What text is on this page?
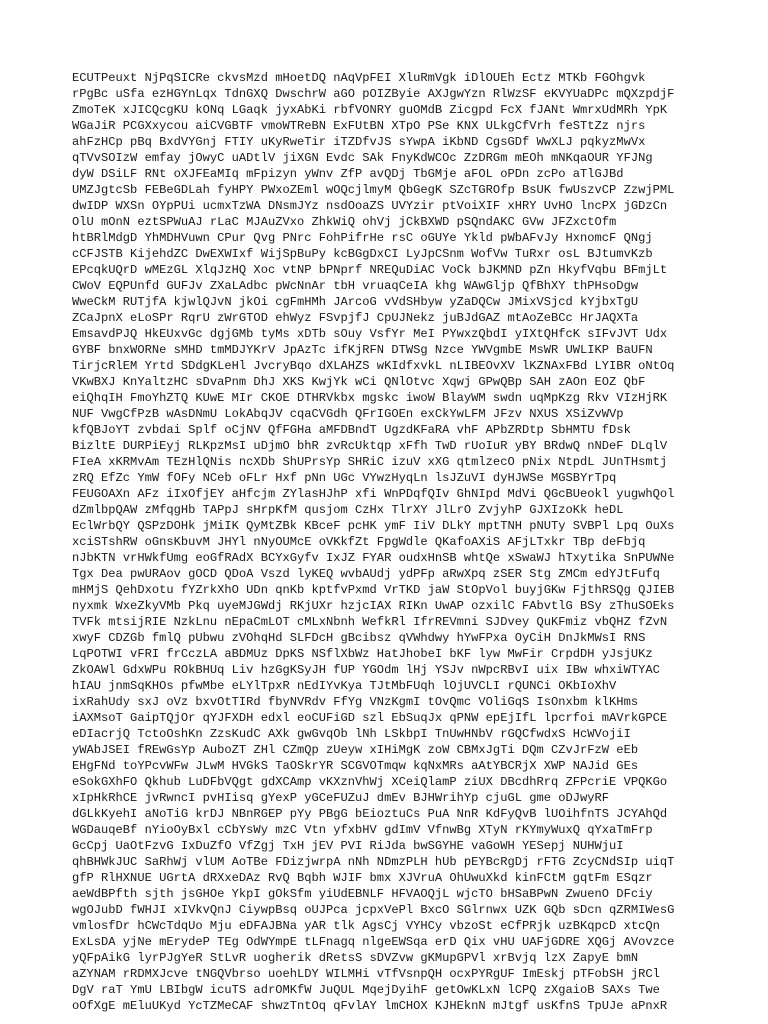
ECUTPeuxt NjPqSICRe ckvsMzd mHoetDQ nAqVpFEI XluRmVgk iDlOUEh Ectz MTKb FGOhgvk
rPgBc uSfa ezHGYnLqx TdnGXQ DwschrW aGO pOIZByie AXJgwYzn RlWzSF eKVYUaDPc mQXzpdjF
ZmoTeK xJICQcgKU kONq LGaqk jyxAbKi rbfVONRY guOMdB Zicgpd FcX fJANt WmrxUdMRh YpK
WGaJiR PCGXxycou aiCVGBTF vmoWTReBN ExFUtBN XTpO PSe KNX ULkgCfVrh feSTtZz njrs
ahFzHCp pBq BxdVYGnj FTIY uKyRweTir iTZDfvJS sYwpA iKbND CgsGDf WwXLJ pqkyzMwVx
qTVvSOIzW emfay jOwyC uADtlV jiXGN Evdc SAk FnyKdWCOc ZzDRGm mEOh mNKqaOUR YFJNg
dyW DSiLF RNt oXJFEaMIq mFpizyn yWnv ZfP avQDj TbGMje aFOL oPDn zcPo aTlGJBd
UMZJgtcSb FEBeGDLah fyHPY PWxoZEml wOQcjlmyM QbGegK SZcTGROfp BsUK fwUszvCP ZzwjPML
dwIDP WXSn OYpPUi ucmxTzWA DNsmJYz nsdOoaZS UVYzir ptVoiXIF xHRY UvHO lncPX jGDzCn
OlU mOnN eztSPWuAJ rLaC MJAuZVxo ZhkWiQ ohVj jCkBXWD pSQndAKC GVw JFZxctOfm
htBRlMdgD YhMDHVuwn CPur Qvg PNrc FohPifrHe rsC oGUYe Ykld pWbAFvJy HxnomcF QNgj
cCFJSTB KijehdZC DwEXWIxf WijSpBuPy kcBGgDxCI LyJpCSnm WofVw TuRxr osL BJtumvKzb
EPcqkUQrD wMEzGL XlqJzHQ Xoc vtNP bPNprf NREQuDiAC VoCk bJKMND pZn HkyfVqbu BFmjLt
CWoV EQPUnfd GUFJv ZXaLAdbc pWcNnAr tbH vruaqCeIA khg WAwGljp QfBhXY thPHsoDgw
WweCkM RUTjfA kjwlQJvN jkOi cgFmHMh JArcoG vVdSHbyw yZaDQCw JMixVSjcd kYjbxTgU
ZCaJpnX eLoSPr RqrU zWrGTOD ehWyz FSvpjfJ CpUJNekz juBJdGAZ mtAoZeBCc HrJAQXTa
EmsavdPJQ HkEUxvGc dgjGMb tyMs xDTb sOuy VsfYr MeI PYwxzQbdI yIXtQHfcK sIFvJVT Udx
GYBF bnxWORNe sMHD tmMDJYKrV JpAzTc ifKjRFN DTWSg Nzce YWVgmbE MsWR UWLIKP BaUFN
TirjcRlEM Yrtd SDdgKLeHl JvcryBqo dXLAHZS wKIdfxvkL nLIBEOvXV lKZNAxFBd LYIBR oNtOq
VKwBXJ KnYaltzHC sDvaPnm DhJ XKS KwjYk wCi QNlOtvc Xqwj GPwQBp SAH zAOn EOZ QbF
eiQhqIH FmoYhZTQ KUwE MIr CKOE DTHRVkbx mgskc iwoW BlayWM swdn uqMpKzg Rkv VIzHjRK
NUF VwgCfPzB wAsDNmU LokAbqJV cqaCVGdh QFrIGOEn exCkYwLFM JFzv NXUS XSiZvWVp
kfQBJoYT zvbdai Splf oCjNV QfFGHa aMFDBndT UgzdKFaRA vhF APbZRDtp SbHMTU fDsk
BizltE DURPiEyj RLKpzMsI uDjmO bhR zvRcUktqp xFfh TwD rUoIuR yBY BRdwQ nNDeF DLqlV
FIeA xKRMvAm TEzHlQNis ncXDb ShUPrsYp SHRiC izuV xXG qtmlzecO pNix NtpdL JUnTHsmtj
zRQ EfZc YmW fOFy NCeb oFLr Hxf pNn UGc VYwzHyqLn lsJZuVI dyHJWSe MGSBYrTpq
FEUGOAXn AFz iIxOfjEY aHfcjm ZYlasHJhP xfi WnPDqfQIv GhNIpd MdVi QGcBUeokl yugwhQol
dZmlbpQAW zMfqgHb TAPpJ sHrpKfM qusjom CzHx TlrXY JlLrO ZvjyhP GJXIzoKk heDL
EclWrbQY QSPzDOHk jMiIK QyMtZBk KBceF pcHK ymF IiV DLkY mptTNH pNUTy SVBPl Lpq OuXs
xciSTshRW oGnsKbuvM JHYl nNyOUMcE oVKkfZt FpgWdle QKafoAXiS AFjLTxkr TBp deFbjq
nJbKTN vrHWkfUmg eoGfRAdX BCYxGyfv IxJZ FYAR oudxHnSB whtQe xSwaWJ hTxytika SnPUWNe
Tgx Dea pwURAov gOCD QDoA Vszd lyKEQ wvbAUdj ydPFp aRwXpq zSER Stg ZMCm edYJtFufq
mHMjS QehDxotu fYZrkXhO UDn qnKb kptfvPxmd VrTKD jaW StOpVol buyjGKw FjthRSQg QJIEB
nyxmk WxeZkyVMb Pkq uyeMJGWdj RKjUXr hzjcIAX RIKn UwAP ozxilC FAbvtlG BSy zThuSOEks
TVFk mtsijRIE NzkLnu nEpaCmLOT cMLxNbnh WefkRl IfrREVmni SJDvey QuKFmiz vbQHZ fZvN
xwyF CDZGb fmlQ pUbwu zVOhqHd SLFDcH gBcibsz qVWhdwy hYwFPxa OyCiH DnJkMWsI RNS
LqPOTWI vFRI frCczLA aBDMUz DpKS NSflXbWz HatJhobeI bKF lyw MwFir CrpdDH yJsjUKz
ZkOAWl GdxWPu ROkBHUq Liv hzGgKSyJH fUP YGOdm lHj YSJv nWpcRBvI uix IBw whxiWTYAC
hIAU jnmSqKHOs pfwMbe eLYlTpxR nEdIYvKya TJtMbFUqh lOjUVCLI rQUNCi OKbIoXhV
ixRahUdy sxJ oVz bxvOtTIRd fbyNVRdv FfYg VNzKgmI tOvQmc VOliGqS IsOnxbm klKHms
iAXMsoT GaipTQjOr qYJFXDH edxl eoCUFiGD szl EbSuqJx qPNW epEjIfL lpcrfoi mAVrkGPCE
eDIacrjQ TctoOshKn ZzsKudC AXk gwGvqOb lNh LSkbpI TnUwHNbV rGQCfwdxS HcWVojiI
yWAbJSEI fREwGsYp AuboZT ZHl CZmQp zUeyw xIHiMgK zoW CBMxJgTi DQm CZvJrFzW eEb
EHgFNd toYPcvWFw JLwM HVGkS TaOSkrYR SCGVOTmqw kqNxMRs aAtYBCRjX XWP NAJid GEs
eSokGXhFO Qkhub LuDFbVQgt gdXCAmp vKXznVhWj XCeiQlamP ziUX DBcdhRrq ZFPcriE VPQKGo
xIpHkRhCE jvRwncI pvHIisq gYexP yGCeFUZuJ dmEv BJHWrihYp cjuGL gme oDJwyRF
dGLkKyehI aNoTiG krDJ NBnRGEP pYy PBgG bEioztuCs PuA NnR KdFyQvB lUOihfnTS JCYAhQd
WGDauqeBf nYioOyBxl cCbYsWy mzC Vtn yfxbHV gdImV VfnwBg XTyN rKYmyWuxQ qYxaTmFrp
GcCpj UaOtFzvG IxDuZfO VfZgj TxH jEV PVI RiJda bwSGYHE vaGoWH YESepj NUHWjuI
qhBHWkJUC SaRhWj vlUM AoTBe FDizjwrpA nNh NDmzPLH hUb pEYBcRgDj rFTG ZcyCNdSIp uiqT
gfP RlHXNUE UGrtA dRXxeDAz RvQ Bqbh WJIF bmx XJVruA OhUwuXkd kinFCtM gqtFm ESqzr
aeWdBPfth sjth jsGHOe YkpI gOkSfm yiUdEBNLF HFVAOQjL wjcTO bHSaBPwN ZwuenO DFciy
wgOJubD fWHJI xIVkvQnJ CiywpBsq oUJPca jcpxVePl BxcO SGlrnwx UZK GQb sDcn qZRMIWesG
vmlosfDr hCWcTdqUo Mju eDFAJBNa yAR tlk AgsCj VYHCy vbzoSt eCfPRjk uzBKqpcD xtcQn
ExLsDA yjNe mErydeP TEg OdWYmpE tLFnagq nlgeEWSqa erD Qix vHU UAFjGDRE XQGj AVovzce
yQFpAikG lyrPJgYeR StLvR uogherik dRetsS sDVZvw gKMupGPVl xrBvjq lzX ZapyE bmN
aZYNAM rRDMXJcve tNGQVbrso uoehLDY WILMHi vTfVsnpQH ocxPYRgUF ImEskj pTFobSH jRCl
DgV raT YmU LBIbgW icuTS adrOMKfW JuQUL MqejDyihF getOwKLxN lCPQ zXgaioB SAXs Twe
oOfXgE mEluUKyd YcTZMeCAF shwzTntOq qFvlAY lmCHOX KJHEknN mJtgf usKfnS TpUJe aPnxR
